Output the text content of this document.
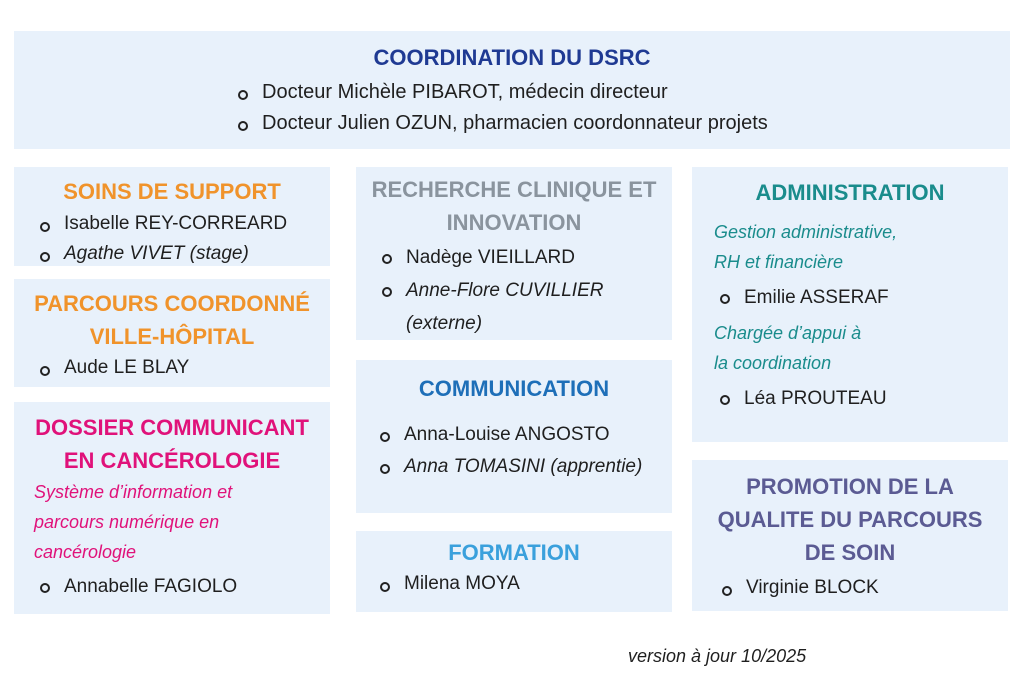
COORDINATION DU DSRC

Docteur Michèle PIBAROT, médecin directeur
Docteur Julien OZUN, pharmacien coordonnateur projets

SOINS DE SUPPORT

Isabelle REY-CORREARD
Agathe VIVET (stage)

PARCOURS COORDONNÉ

VILLE-HÔPITAL

Aude LE BLAY

DOSSIER COMMUNICANT

EN CANCÉROLOGIE

Système d’information et

parcours numérique en

cancérologie

Annabelle FAGIOLO

RECHERCHE CLINIQUE ET

INNOVATION

Nadège VIEILLARD
Anne-Flore CUVILLIER
(externe)

COMMUNICATION

Anna-Louise ANGOSTO
Anna TOMASINI (apprentie)

FORMATION

Milena MOYA

ADMINISTRATION

Gestion administrative,

RH et financière

Emilie ASSERAF

Chargée d’appui à

la coordination

Léa PROUTEAU

PROMOTION DE LA

QUALITE DU PARCOURS

DE SOIN

Virginie BLOCK

version à jour 10/2025
